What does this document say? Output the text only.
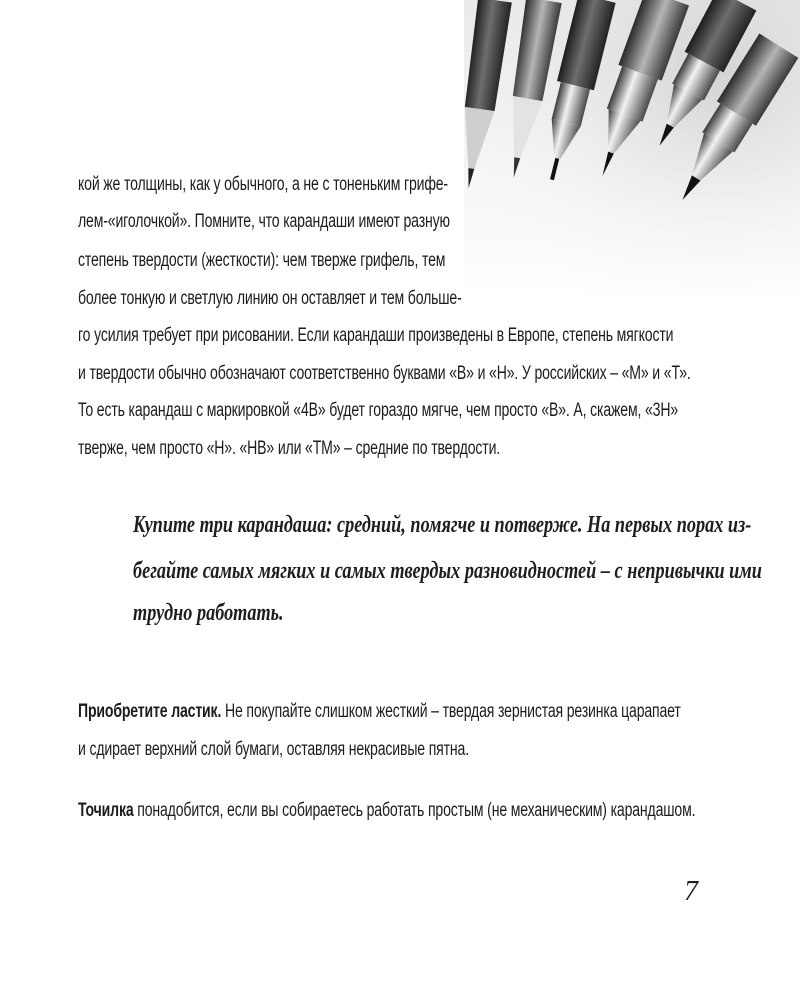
кой же толщины, как у обычного, а не с тоненьким грифе-
лем-«иголочкой». Помните, что карандаши имеют разную
степень твердости (жесткости): чем тверже грифель, тем
более тонкую и светлую линию он оставляет и тем больше-
го усилия требует при рисовании. Если карандаши произведены в Европе, степень мягкости
и твердости обычно обозначают соответственно буквами «В» и «Н». У российских – «М» и «Т».
То есть карандаш с маркировкой «4В» будет гораздо мягче, чем просто «В». А, скажем, «3Н»
тверже, чем просто «Н». «НВ» или «ТМ» – средние по твердости.
Купите три карандаша: средний, помягче и потверже. На первых порах из-
бегайте самых мягких и самых твердых разновидностей – с непривычки ими
трудно работать.
Приобретите ластик. Не покупайте слишком жесткий – твердая зернистая резинка царапает
и сдирает верхний слой бумаги, оставляя некрасивые пятна.
Точилка понадобится, если вы собираетесь работать простым (не механическим) карандашом.
7
